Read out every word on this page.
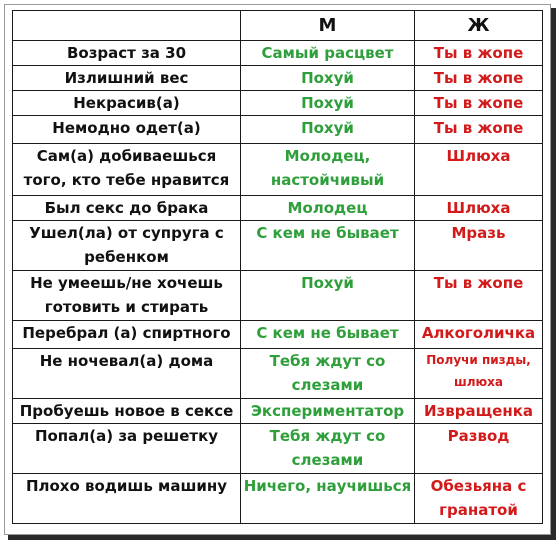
	М	Ж
Возраст за 30	Самый расцвет	Ты в жопе
Излишний вес	Похуй	Ты в жопе
Некрасив(а)	Похуй	Ты в жопе
Немодно одет(а)	Похуй	Ты в жопе
Сам(а) добиваешься того, кто тебе нравится	Молодец, настойчивый	Шлюха
Был секс до брака	Молодец	Шлюха
Ушел(ла) от супруга с ребенком	С кем не бывает	Мразь
Не умеешь/не хочешь готовить и стирать	Похуй	Ты в жопе
Перебрал (а) спиртного	С кем не бывает	Алкоголичка
Не ночевал(а) дома	Тебя ждут со слезами	Получи пизды, шлюха
Пробуешь новое в сексе	Экспериментатор	Извращенка
Попал(а) за решетку	Тебя ждут со слезами	Развод
Плохо водишь машину	Ничего, научишься	Обезьяна с гранатой
